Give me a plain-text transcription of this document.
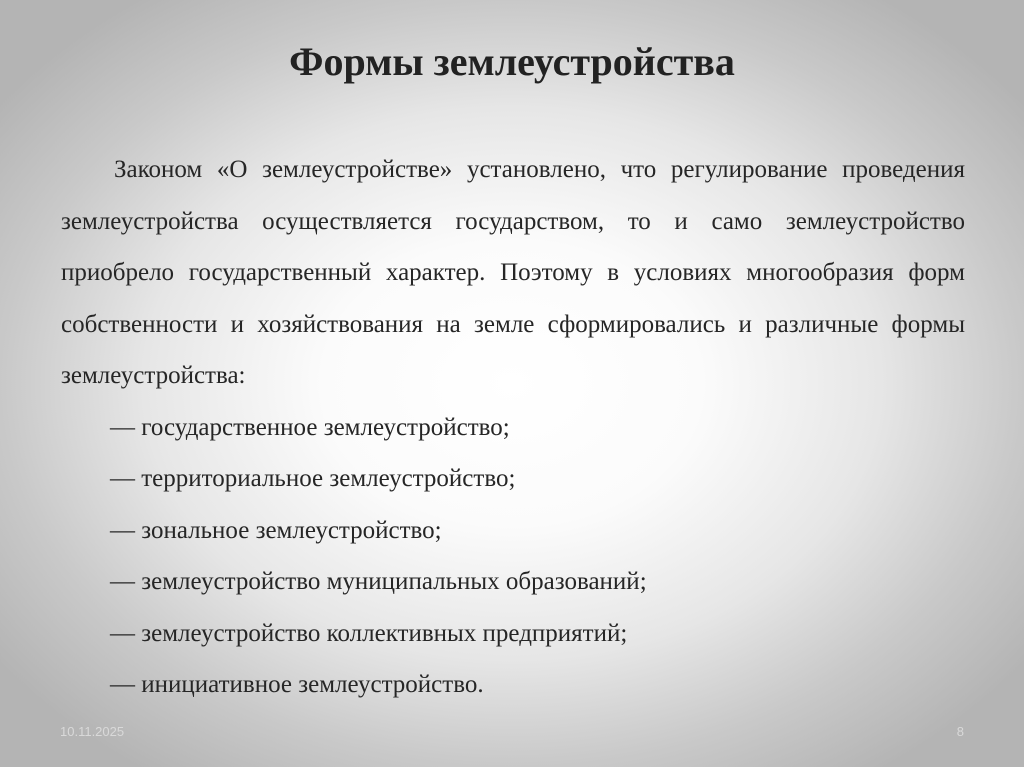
Формы землеустройства

Законом «О землеустройстве» установлено, что регулирование проведения землеустройства осуществляется государством, то и само землеустройство приобрело государственный характер. Поэтому в условиях многообразия форм собственности и хозяйствования на земле сформировались и различные формы землеустройства:

— государственное землеустройство;
— территориальное землеустройство;
— зональное землеустройство;
— землеустройство муниципальных образований;
— землеустройство коллективных предприятий;
— инициативное землеустройство.
10.11.2025	8
